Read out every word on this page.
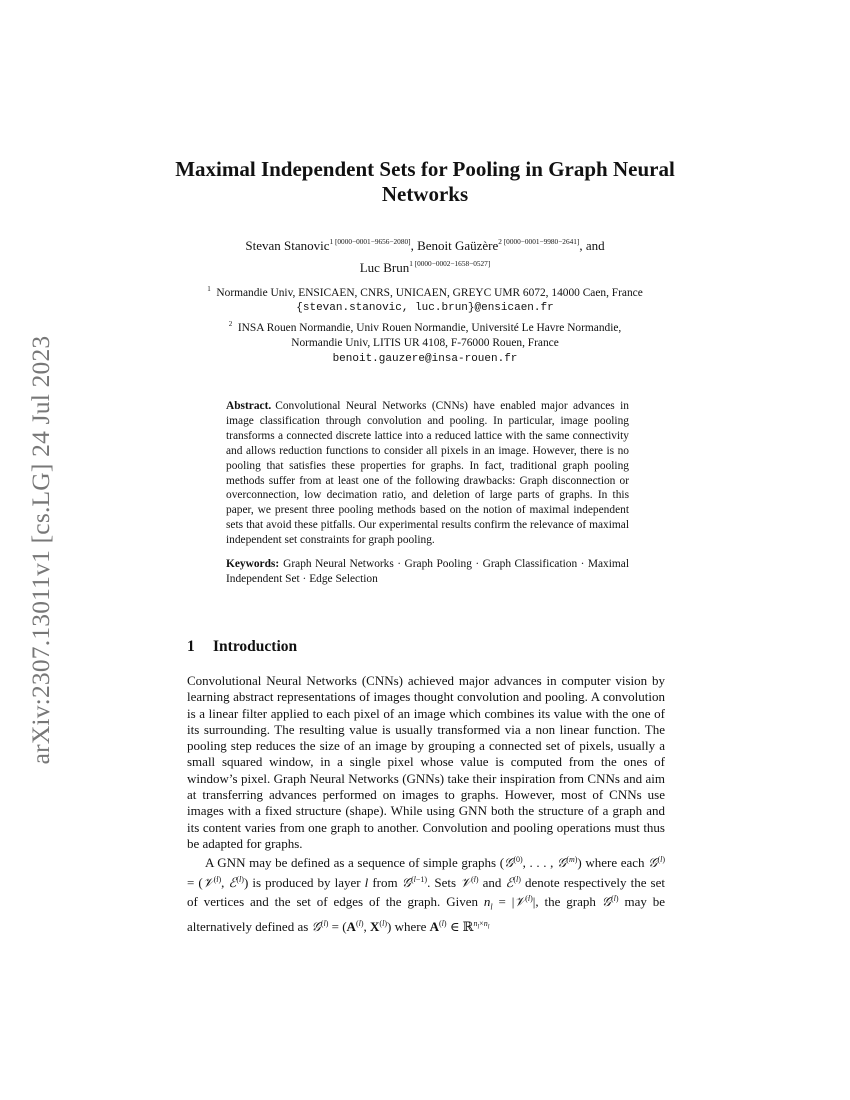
arXiv:2307.13011v1 [cs.LG] 24 Jul 2023
Maximal Independent Sets for Pooling in Graph Neural Networks
Stevan Stanovic$^{1 [0000-0001-9656-2080]}$, Benoit Gaüzère$^{2 [0000-0001-9980-2641]}$, and
Luc Brun$^{1 [0000-0002-1658-0527]}$
$^1$ Normandie Univ, ENSICAEN, CNRS, UNICAEN, GREYC UMR 6072, 14000 Caen, France
{stevan.stanovic, luc.brun}@ensicaen.fr
$^2$ INSA Rouen Normandie, Univ Rouen Normandie, Université Le Havre Normandie,
Normandie Univ, LITIS UR 4108, F-76000 Rouen, France
benoit.gauzere@insa-rouen.fr

Abstract. Convolutional Neural Networks (CNNs) have enabled major advances in image classification through convolution and pooling. In particular, image pooling transforms a connected discrete lattice into a reduced lattice with the same connectivity and allows reduction functions to consider all pixels in an image. However, there is no pooling that satisfies these properties for graphs. In fact, traditional graph pooling methods suffer from at least one of the following drawbacks: Graph disconnection or overconnection, low decimation ratio, and deletion of large parts of graphs. In this paper, we present three pooling methods based on the notion of maximal independent sets that avoid these pitfalls. Our experimental results confirm the relevance of maximal independent set constraints for graph pooling.

Keywords: Graph Neural Networks · Graph Pooling · Graph Classification · Maximal Independent Set · Edge Selection

1 Introduction

Convolutional Neural Networks (CNNs) achieved major advances in computer vision by learning abstract representations of images thought convolution and pooling. A convolution is a linear filter applied to each pixel of an image which combines its value with the one of its surrounding. The resulting value is usually transformed via a non linear function. The pooling step reduces the size of an image by grouping a connected set of pixels, usually a small squared window, in a single pixel whose value is computed from the ones of window’s pixel. Graph Neural Networks (GNNs) take their inspiration from CNNs and aim at transferring advances performed on images to graphs. However, most of CNNs use images with a fixed structure (shape). While using GNN both the structure of a graph and its content varies from one graph to another. Convolution and pooling operations must thus be adapted for graphs.

A GNN may be defined as a sequence of simple graphs (𝒢$^{(0)}$, . . . , 𝒢$^{(m)}$) where each 𝒢$^{(l)}$ = (𝒱$^{(l)}$, ℰ$^{(l)}$) is produced by layer l from 𝒢$^{(l-1)}$. Sets 𝒱$^{(l)}$ and ℰ$^{(l)}$ denote respectively the set of vertices and the set of edges of the graph. Given $n_l$ = |𝒱$^{(l)}$|, the graph 𝒢$^{(l)}$ may be alternatively defined as 𝒢$^{(l)}$ = ($A^{(l)}$, $X^{(l)}$) where $A^{(l)}$ ∈ ℝ$^{n_l\times n_l}$
